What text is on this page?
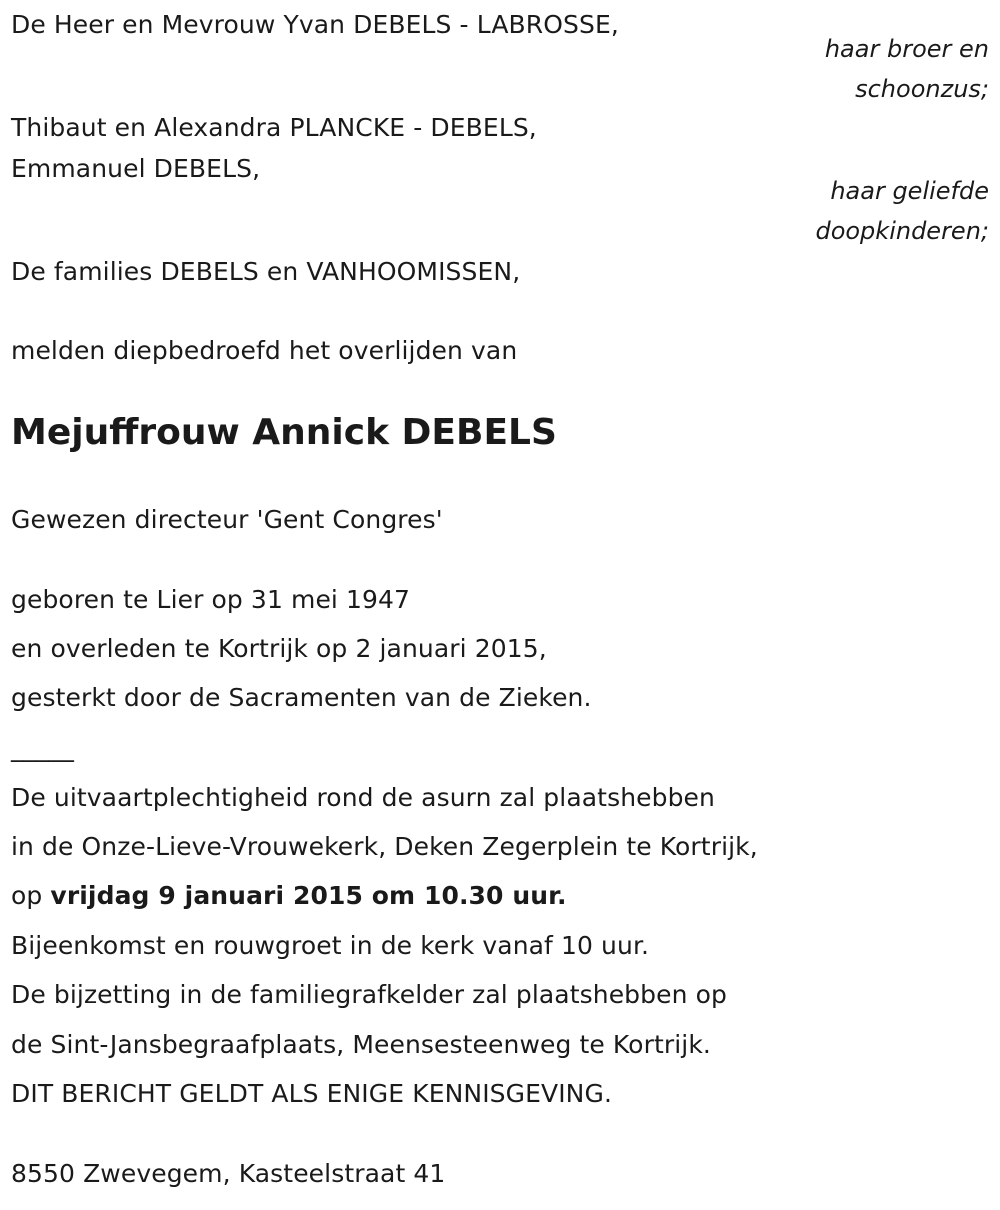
De Heer en Mevrouw Yvan DEBELS - LABROSSE,
haar broer en
schoonzus;
Thibaut en Alexandra PLANCKE - DEBELS,
Emmanuel DEBELS,
haar geliefde
doopkinderen;
De families DEBELS en VANHOOMISSEN,
melden diepbedroefd het overlijden van
Mejuffrouw Annick DEBELS
Gewezen directeur 'Gent Congres'
geboren te Lier op 31 mei 1947
en overleden te Kortrijk op 2 januari 2015,
gesterkt door de Sacramenten van de Zieken.
_____
De uitvaartplechtigheid rond de asurn zal plaatshebben
in de Onze-Lieve-Vrouwekerk, Deken Zegerplein te Kortrijk,
op vrijdag 9 januari 2015 om 10.30 uur.
Bijeenkomst en rouwgroet in de kerk vanaf 10 uur.
De bijzetting in de familiegrafkelder zal plaatshebben op
de Sint-Jansbegraafplaats, Meensesteenweg te Kortrijk.
DIT BERICHT GELDT ALS ENIGE KENNISGEVING.
8550 Zwevegem, Kasteelstraat 41
